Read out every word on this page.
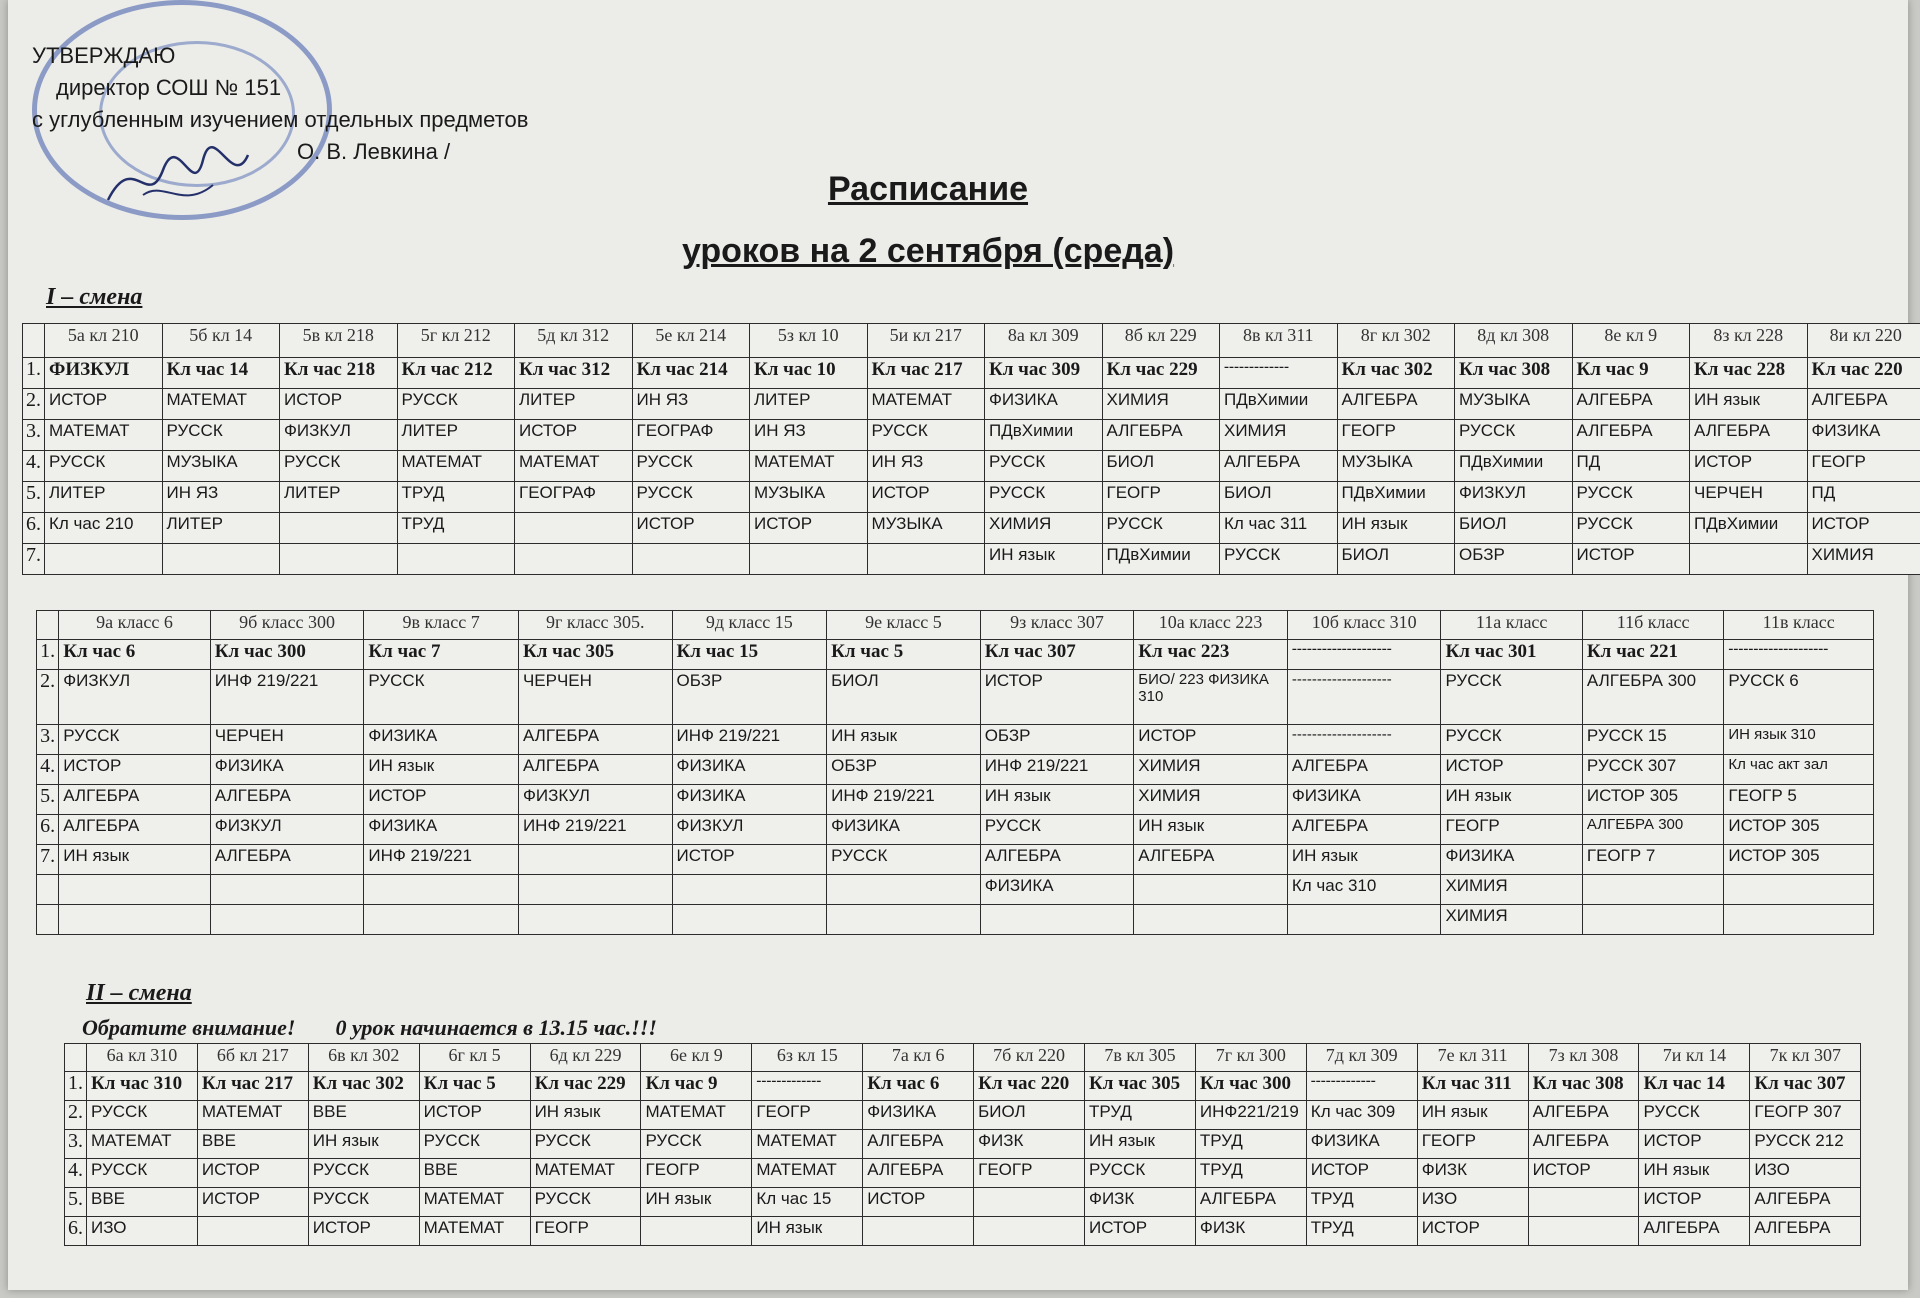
УТВЕРЖДАЮ
директор СОШ № 151
с углубленным изучением отдельных предметов
О. В. Левкина /
Расписание
уроков на 2 сентября (среда)
I – смена
II – смена
Обратите внимание! 0 урок начинается в 13.15 час.!!!
	5а кл 210	5б кл 14	5в кл 218	5г кл 212	5д кл 312	5е кл 214	5з кл 10	5и кл 217	8а кл 309	8б кл 229	8в кл 311	8г кл 302	8д кл 308	8е кл 9	8з кл 228	8и кл 220
1.	ФИЗКУЛ	Кл час 14	Кл час 218	Кл час 212	Кл час 312	Кл час 214	Кл час 10	Кл час 217	Кл час 309	Кл час 229	-------------	Кл час 302	Кл час 308	Кл час 9	Кл час 228	Кл час 220
2.	ИСТОР	МАТЕМАТ	ИСТОР	РУССК	ЛИТЕР	ИН ЯЗ	ЛИТЕР	МАТЕМАТ	ФИЗИКА	ХИМИЯ	ПДвХимии	АЛГЕБРА	МУЗЫКА	АЛГЕБРА	ИН язык	АЛГЕБРА
3.	МАТЕМАТ	РУССК	ФИЗКУЛ	ЛИТЕР	ИСТОР	ГЕОГРАФ	ИН ЯЗ	РУССК	ПДвХимии	АЛГЕБРА	ХИМИЯ	ГЕОГР	РУССК	АЛГЕБРА	АЛГЕБРА	ФИЗИКА
4.	РУССК	МУЗЫКА	РУССК	МАТЕМАТ	МАТЕМАТ	РУССК	МАТЕМАТ	ИН ЯЗ	РУССК	БИОЛ	АЛГЕБРА	МУЗЫКА	ПДвХимии	ПД	ИСТОР	ГЕОГР
5.	ЛИТЕР	ИН ЯЗ	ЛИТЕР	ТРУД	ГЕОГРАФ	РУССК	МУЗЫКА	ИСТОР	РУССК	ГЕОГР	БИОЛ	ПДвХимии	ФИЗКУЛ	РУССК	ЧЕРЧЕН	ПД
6.	Кл час 210	ЛИТЕР		ТРУД		ИСТОР	ИСТОР	МУЗЫКА	ХИМИЯ	РУССК	Кл час 311	ИН язык	БИОЛ	РУССК	ПДвХимии	ИСТОР
7.									ИН язык	ПДвХимии	РУССК	БИОЛ	ОБЗР	ИСТОР		ХИМИЯ
	9а класс 6	9б класс 300	9в класс 7	9г класс 305.	9д класс 15	9е класс 5	9з класс 307	10а класс 223	10б класс 310	11а класс	11б класс	11в класс
1.	Кл час 6	Кл час 300	Кл час 7	Кл час 305	Кл час 15	Кл час 5	Кл час 307	Кл час 223	--------------------	Кл час 301	Кл час 221	--------------------
2.	ФИЗКУЛ	ИНФ 219/221	РУССК	ЧЕРЧЕН	ОБЗР	БИОЛ	ИСТОР	БИО/ 223 ФИЗИКА 310	--------------------	РУССК	АЛГЕБРА 300	РУССК 6
3.	РУССК	ЧЕРЧЕН	ФИЗИКА	АЛГЕБРА	ИНФ 219/221	ИН язык	ОБЗР	ИСТОР	--------------------	РУССК	РУССК 15	ИН язык 310
4.	ИСТОР	ФИЗИКА	ИН язык	АЛГЕБРА	ФИЗИКА	ОБЗР	ИНФ 219/221	ХИМИЯ	АЛГЕБРА	ИСТОР	РУССК 307	Кл час акт зал
5.	АЛГЕБРА	АЛГЕБРА	ИСТОР	ФИЗКУЛ	ФИЗИКА	ИНФ 219/221	ИН язык	ХИМИЯ	ФИЗИКА	ИН язык	ИСТОР 305	ГЕОГР 5
6.	АЛГЕБРА	ФИЗКУЛ	ФИЗИКА	ИНФ 219/221	ФИЗКУЛ	ФИЗИКА	РУССК	ИН язык	АЛГЕБРА	ГЕОГР	АЛГЕБРА 300	ИСТОР 305
7.	ИН язык	АЛГЕБРА	ИНФ 219/221		ИСТОР	РУССК	АЛГЕБРА	АЛГЕБРА	ИН язык	ФИЗИКА	ГЕОГР 7	ИСТОР 305
							ФИЗИКА		Кл час 310	ХИМИЯ		
										ХИМИЯ		
	6а кл 310	6б кл 217	6в кл 302	6г кл 5	6д кл 229	6е кл 9	6з кл 15	7а кл 6	7б кл 220	7в кл 305	7г кл 300	7д кл 309	7е кл 311	7з кл 308	7и кл 14	7к кл 307
1.	Кл час 310	Кл час 217	Кл час 302	Кл час 5	Кл час 229	Кл час 9	-------------	Кл час 6	Кл час 220	Кл час 305	Кл час 300	-------------	Кл час 311	Кл час 308	Кл час 14	Кл час 307
2.	РУССК	МАТЕМАТ	ВВЕ	ИСТОР	ИН язык	МАТЕМАТ	ГЕОГР	ФИЗИКА	БИОЛ	ТРУД	ИНФ221/219	Кл час 309	ИН язык	АЛГЕБРА	РУССК	ГЕОГР 307
3.	МАТЕМАТ	ВВЕ	ИН язык	РУССК	РУССК	РУССК	МАТЕМАТ	АЛГЕБРА	ФИЗК	ИН язык	ТРУД	ФИЗИКА	ГЕОГР	АЛГЕБРА	ИСТОР	РУССК 212
4.	РУССК	ИСТОР	РУССК	ВВЕ	МАТЕМАТ	ГЕОГР	МАТЕМАТ	АЛГЕБРА	ГЕОГР	РУССК	ТРУД	ИСТОР	ФИЗК	ИСТОР	ИН язык	ИЗО
5.	ВВЕ	ИСТОР	РУССК	МАТЕМАТ	РУССК	ИН язык	Кл час 15	ИСТОР		ФИЗК	АЛГЕБРА	ТРУД	ИЗО		ИСТОР	АЛГЕБРА
6.	ИЗО		ИСТОР	МАТЕМАТ	ГЕОГР		ИН язык			ИСТОР	ФИЗК	ТРУД	ИСТОР		АЛГЕБРА	АЛГЕБРА
